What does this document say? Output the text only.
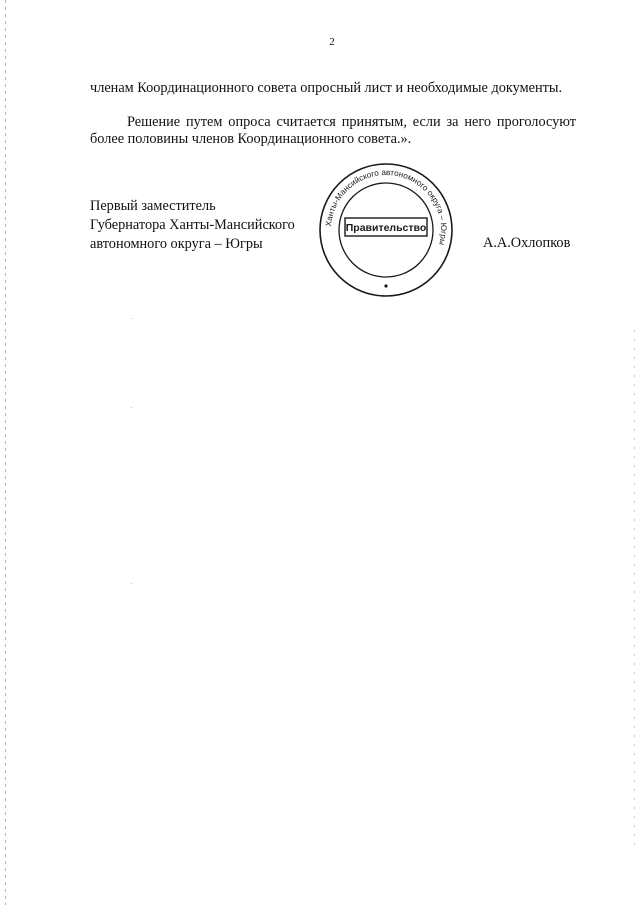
2

членам Координационного совета опросный лист и необходимые документы.

Решение путем опроса считается принятым, если за него проголосуют более половины членов Координационного совета.».

Первый заместитель
Губернатора Ханты-Мансийского
автономного округа – Югры
Ханты-Мансийского автономного округа – Югры
Правительство
А.А.Охлопков
